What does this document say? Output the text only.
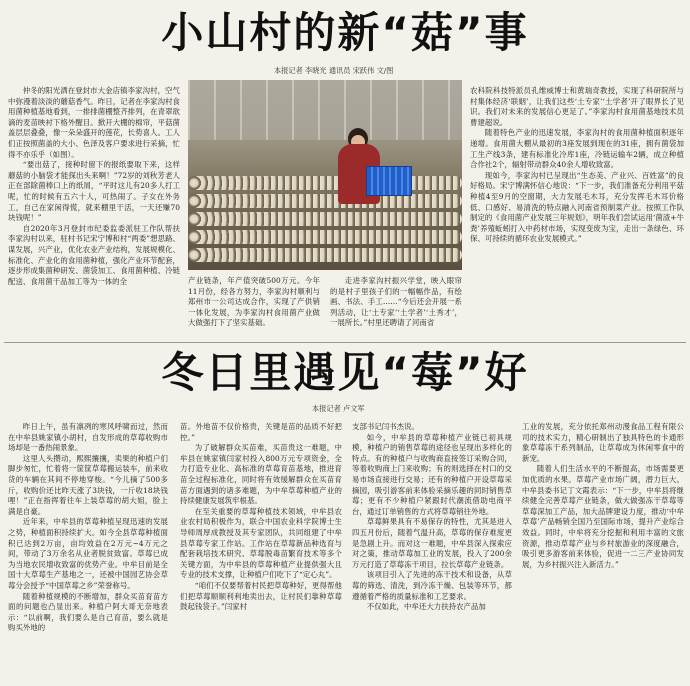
小山村的新“菇”事
本报记者 李晓光 通讯员 宋跃伟 文/图

仲冬的阳光洒在登封市大金店镇李家沟村，空气中弥漫着淡淡的蘑菇香气。昨日，记者在李家沟村食用菌种植基地看到，一排排菌棚整齐排列，在青翠欲滴的麦苗映衬下格外醒目。掀开大棚的棉帘，平菇菌盖层层叠叠，像一朵朵盛开的莲花，长势喜人。工人们正按照菌盖的大小、色泽及客户要求进行采摘，忙得不亦乐乎（如图）。

“要出菇了，接种时留下的报纸要取下来，这样蘑菇的小脑袋才能探出头来啊！”72岁的刘秋芳老人正在部除菌棒口上的纸屑，“平时这儿有20多人打工呢，忙的时候有五六十人，可热闹了。子女在外务工，自己在家闲得慌，就来棚里干活，一天还赚70块钱呢！”

自2020年3月登封市纪委监委派驻工作队帮扶李家沟村以来，驻村书记宋宁博和村“两委”想思路、谋发展，兴产业，优化农业产业结构，发展规模化、标准化、产业化的食用菌种植，强化产业环节配套，逐步形成集菌种研发、菌袋加工、食用菌种植、冷链配送、食用菌干品加工等为一体的全	产业链条，年产值突破500万元。今年11月份，经各方努力，李家沟村顺利与郑州市一公司达成合作，实现了产供销一体化发展，为李家沟村食用菌产业做大做强打下了坚实基础。

走进李家沟村振兴学堂，映入眼帘的是村子里孩子们的一幅幅作品，有绘画、书法、手工……“今后还会开展一系列活动，让‘土专家’‘土学者’‘土秀才’，一展所长。”村里还聘请了河南省

农科院科技特派员孔维威博士和黄瑞奇教授，实现了科研院所与村集体经济‘联姻’，让我们这些‘土专家’‘土学者’开了眼界长了见识。我们对未来的发展信心更足了。”李家沟村食用菌基地技术员曹建超说。

随着特色产业的迅速发展，李家沟村的食用菌种植面积逐年递增。食用菌大棚从最初的3座发展到现在的31座，拥有菌袋加工生产线3条，建有标准化冷库1座，冷链运输车2辆，成立种植合作社2个，辐射带动群众40余人增收致富。

现如今，李家沟村已呈现出“生态美、产业兴、百姓富”的良好格局。宋宁博满怀信心地说：“下一步，我们准备充分利用平菇种植4至9月的空窗期，大力发展毛木耳，充分发挥毛木耳价格低、口感好、易清洗的特点融入河南省预制菜产业。按照工作队制定的《食用菌产业发展三年规划》，明年我们尝试运用‘菌渣+牛粪’养殖蚯蚓打入中药材市场，实现变废为宝，走出一条绿色、环保、可持续的循环农业发展模式。”

冬日里遇见“莓”好
本报记者 卢文军

昨日上午，虽有凛冽的寒风呼啸而过，然而在中牟县姚家镇小胡村，自发形成的草莓收购市场却是一番热闹景象。

这里人头攒动，熙熙攘攘，卖果的种植户们脚步匆忙，忙着将一筐筐草莓搬运装车，前来收货的车辆在其间不停地穿梭。“今儿摘了500多斤，收购价还比昨天涨了3块钱，一斤收18块钱哩！”正在指挥着往车上装草莓的胡大姐，脸上满是自豪。

近年来，中牟县的草莓种植呈现迅速的发展之势，种植面积持续扩大。如今全县草莓种植面积已达到2万亩，亩均效益在2万元~4万元之间，带动了3万余名从业者脱贫致富。草莓已成为当地农民增收致富的优势产业。中牟目前是全国十大草莓生产基地之一，还被中国园艺协会草莓分会授予“中国草莓之乡”荣誉称号。

随着种植规模的不断增加，群众买苗育苗方面的问题也凸显出来。种植户阿大哥无奈地表示：“以前啊，我们要么是自己育苗，要么就是购买外地的

苗。外地苗不仅价格贵，关键是苗的品质不好把控。”

为了破解群众买苗难，买苗贵这一难题，中牟县在姚家镇闫家村投入800万元专项资金，全力打造专业化、高标准的草莓育苗基地，推进育苗全过程标准化，同时将有效缓解群众在买苗育苗方面遇到的诸多难题，为中牟草莓种植产业的持续健康发展筑牢根基。

在至关重要的草莓种植技术领域，中牟县农业农村局积极作为，联合中国农业科学院博士生导师周厚成教授及其专家团队，共同组建了中牟县草莓专家工作站。工作站在草莓新品种选育与配套栽培技术研究、草莓脱毒苗繁育技术等多个关键方面，为中牟县的草莓种植产业提供强大且专业的技术支撑，让种植户们吃下了“定心丸”。

“咱们不仅要帮着村民把草莓种好，更得帮他们把草莓顺顺利利地卖出去，让村民们靠种草莓鼓起钱袋子。”闫家村

支部书记闫书杰说。

如今，中牟县的草莓种植产业链已初具规模，种植户的销售草莓的途径也呈现出多样化的特点。有的种植户与收购商直接签订采购合同，等着收购商上门来收购；有的则选择在村口的交易市场直接进行交易；还有的种植户开设草莓采摘园，吸引游客前来体验采摘乐趣的同时销售草莓；更有不少种植户紧跟时代潮流借助电商平台，通过订单销售的方式将草莓销往外地。

草莓鲜果具有不易保存的特性，尤其是进入四五月份后，随着气温升高，草莓的保存难度更是急剧上升。而对这一难题，中牟县深入探索应对之策，推动草莓加工业的发展，投入了200余万元打造了草莓冻干项目，拉长草莓产业链条。

该项目引入了先进的冻干技术和设备，从草莓的筛选、清洗，到冷冻干燥、包装等环节，都遵循着严格的质量标准和工艺要求。

不仅如此，中牟还大力扶持农产品加

工业的发展，充分依托郑州动漫食品工程有限公司的技术实力，精心研制出了独具特色的卡通形象草莓冻干系列制品，让草莓成为休闲零食中的新宠。

随着人们生活水平的不断提高，市场需要更加优质的水果。草莓产业市场广阔，潜力巨大。中牟县委书记丁文霞表示：“下一步，中牟县将继续健全完善草莓产业链条，做大做强冻干草莓等草莓深加工产品，加大品牌建设力度，推动‘中牟草莓’产品畅销全国乃至国际市场，提升产业综合效益。同时，中牟将充分挖掘和利用丰富的文旅资源，推动草莓产业与乡村旅游业的深度融合，吸引更多游客前来体验，促进一二三产业协同发展，为乡村振兴注入新活力。”
